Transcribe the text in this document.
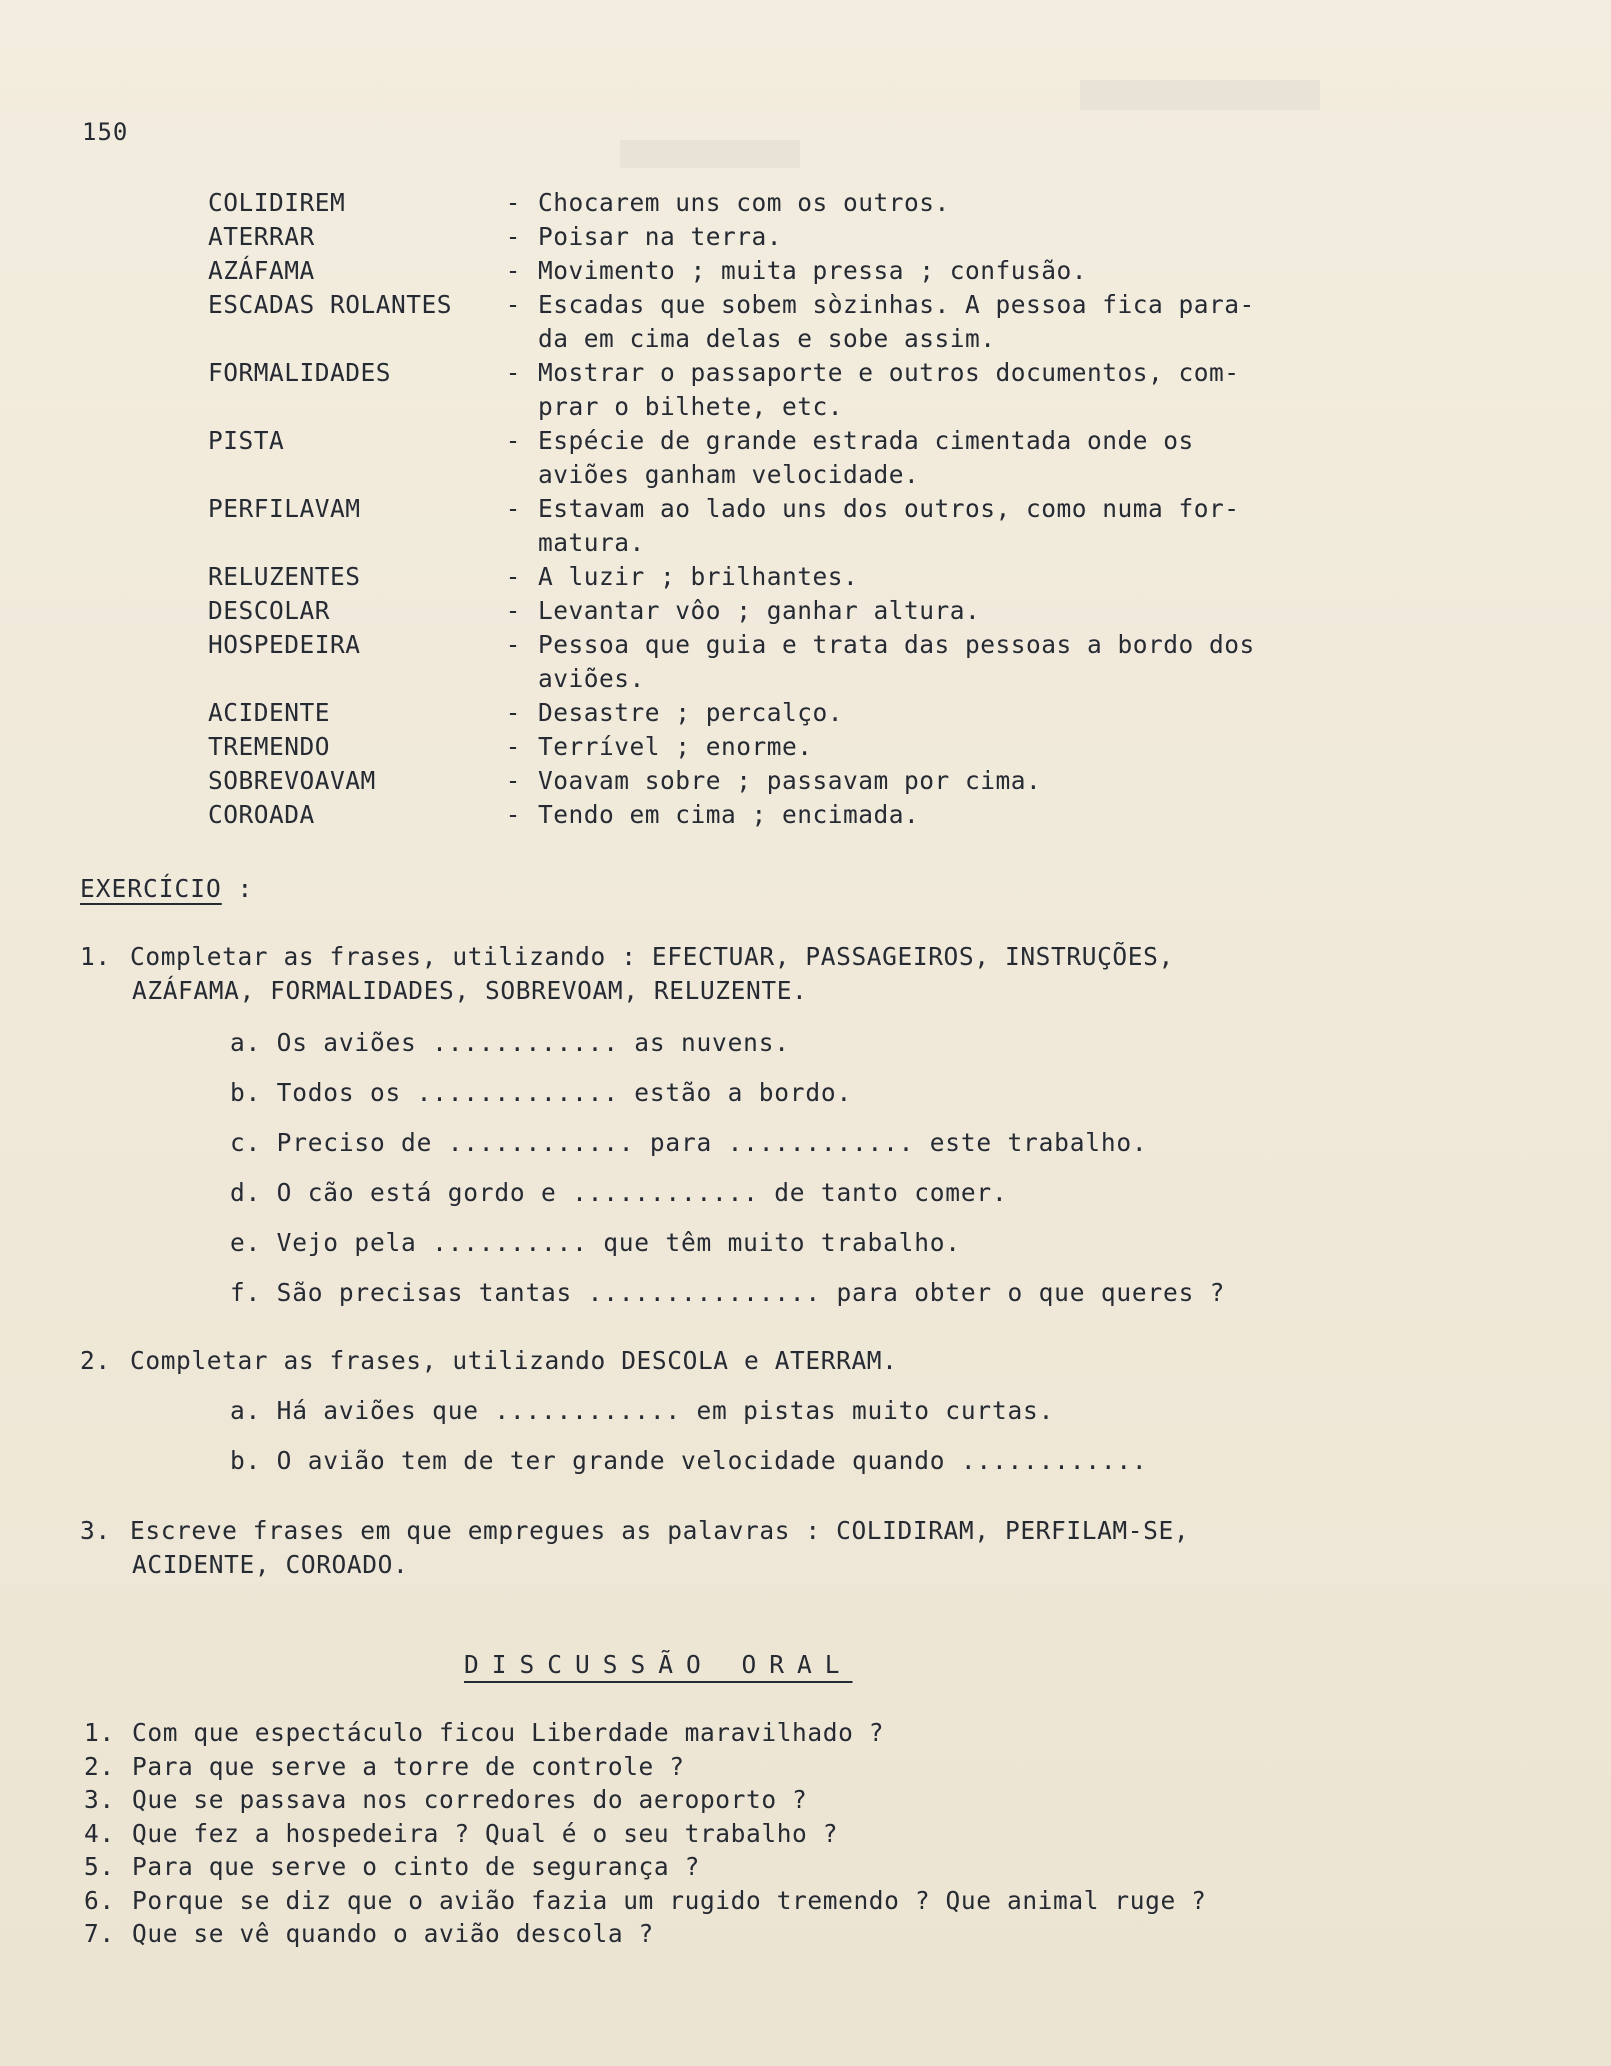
150
COLIDIREM	- Chocarem uns com os outros.
ATERRAR	- Poisar na terra.
AZÁFAMA	- Movimento ; muita pressa ; confusão.
ESCADAS ROLANTES	- Escadas que sobem sòzinhas. A pessoa fica para-
da em cima delas e sobe assim.
FORMALIDADES	- Mostrar o passaporte e outros documentos, com-
prar o bilhete, etc.
PISTA	- Espécie de grande estrada cimentada onde os
aviões ganham velocidade.
PERFILAVAM	- Estavam ao lado uns dos outros, como numa for-
matura.
RELUZENTES	- A luzir ; brilhantes.
DESCOLAR	- Levantar vôo ; ganhar altura.
HOSPEDEIRA	- Pessoa que guia e trata das pessoas a bordo dos
aviões.
ACIDENTE	- Desastre ; percalço.
TREMENDO	- Terrível ; enorme.
SOBREVOAVAM	- Voavam sobre ; passavam por cima.
COROADA	- Tendo em cima ; encimada.
EXERCÍCIO :
1. Completar as frases, utilizando : EFECTUAR, PASSAGEIROS, INSTRUÇÕES,
AZÁFAMA, FORMALIDADES, SOBREVOAM, RELUZENTE.
a. Os aviões ............ as nuvens.
b. Todos os ............. estão a bordo.
c. Preciso de ............ para ............ este trabalho.
d. O cão está gordo e ............ de tanto comer.
e. Vejo pela .......... que têm muito trabalho.
f. São precisas tantas ............... para obter o que queres ?
2. Completar as frases, utilizando DESCOLA e ATERRAM.
a. Há aviões que ............ em pistas muito curtas.
b. O avião tem de ter grande velocidade quando ............
3. Escreve frases em que empregues as palavras : COLIDIRAM, PERFILAM-SE,
ACIDENTE, COROADO.
DISCUSSÃO ORAL
1. Com que espectáculo ficou Liberdade maravilhado ?
2. Para que serve a torre de controle ?
3. Que se passava nos corredores do aeroporto ?
4. Que fez a hospedeira ? Qual é o seu trabalho ?
5. Para que serve o cinto de segurança ?
6. Porque se diz que o avião fazia um rugido tremendo ? Que animal ruge ?
7. Que se vê quando o avião descola ?
